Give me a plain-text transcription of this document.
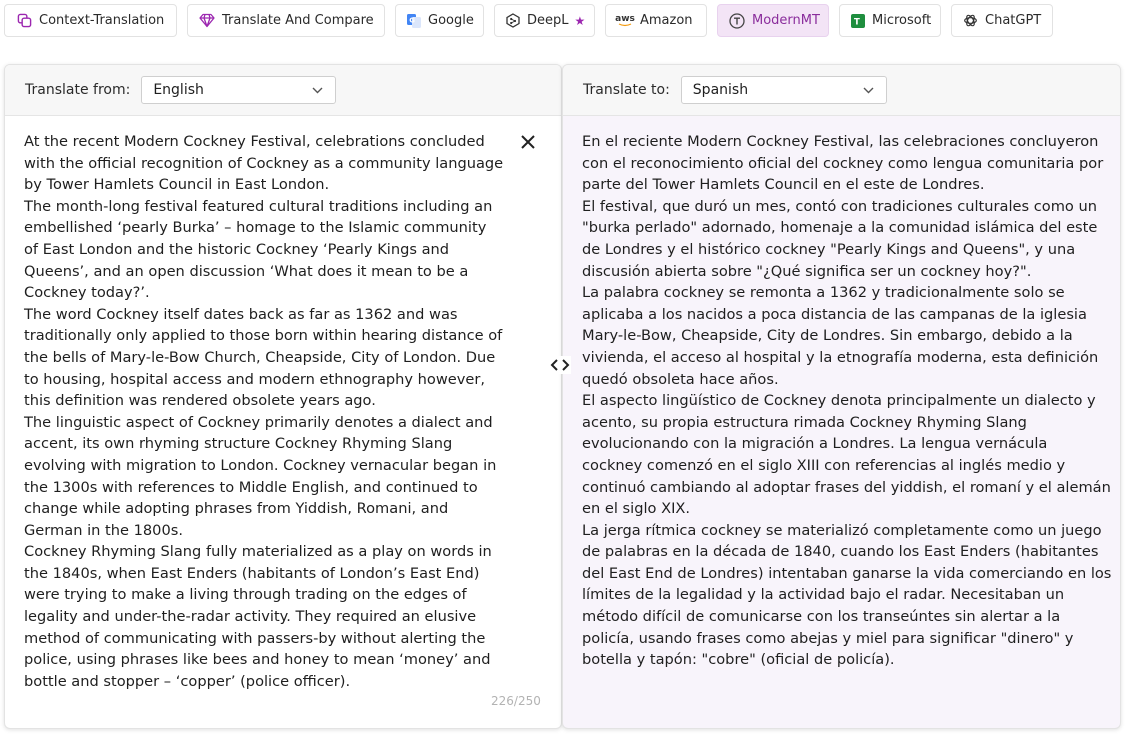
Context-Translation	Translate And Compare	G Google	DeepL ★	aws Amazon	ModernMT	T Microsoft	ChatGPT
Translate from: English
At the recent Modern Cockney Festival, celebrations concluded with the official recognition of Cockney as a community language by Tower Hamlets Council in East London.
The month-long festival featured cultural traditions including an embellished ‘pearly Burka’ – homage to the Islamic community of East London and the historic Cockney ‘Pearly Kings and Queens’, and an open discussion ‘What does it mean to be a Cockney today?’.
The word Cockney itself dates back as far as 1362 and was traditionally only applied to those born within hearing distance of the bells of Mary-le-Bow Church, Cheapside, City of London. Due to housing, hospital access and modern ethnography however, this definition was rendered obsolete years ago.
The linguistic aspect of Cockney primarily denotes a dialect and accent, its own rhyming structure Cockney Rhyming Slang evolving with migration to London. Cockney vernacular began in the 1300s with references to Middle English, and continued to change while adopting phrases from Yiddish, Romani, and German in the 1800s.
Cockney Rhyming Slang fully materialized as a play on words in the 1840s, when East Enders (habitants of London’s East End) were trying to make a living through trading on the edges of legality and under-the-radar activity. They required an elusive method of communicating with passers-by without alerting the police, using phrases like bees and honey to mean ‘money’ and bottle and stopper – ‘copper’ (police officer).
226/250
Translate to: Spanish
En el reciente Modern Cockney Festival, las celebraciones concluyeron con el reconocimiento oficial del cockney como lengua comunitaria por parte del Tower Hamlets Council en el este de Londres.
El festival, que duró un mes, contó con tradiciones culturales como un "burka perlado" adornado, homenaje a la comunidad islámica del este de Londres y el histórico cockney "Pearly Kings and Queens", y una discusión abierta sobre "¿Qué significa ser un cockney hoy?".
La palabra cockney se remonta a 1362 y tradicionalmente solo se aplicaba a los nacidos a poca distancia de las campanas de la iglesia Mary-le-Bow, Cheapside, City de Londres. Sin embargo, debido a la vivienda, el acceso al hospital y la etnografía moderna, esta definición quedó obsoleta hace años.
El aspecto lingüístico de Cockney denota principalmente un dialecto y acento, su propia estructura rimada Cockney Rhyming Slang evolucionando con la migración a Londres. La lengua vernácula cockney comenzó en el siglo XIII con referencias al inglés medio y continuó cambiando al adoptar frases del yiddish, el romaní y el alemán en el siglo XIX.
La jerga rítmica cockney se materializó completamente como un juego de palabras en la década de 1840, cuando los East Enders (habitantes del East End de Londres) intentaban ganarse la vida comerciando en los límites de la legalidad y la actividad bajo el radar. Necesitaban un método difícil de comunicarse con los transeúntes sin alertar a la policía, usando frases como abejas y miel para significar "dinero" y botella y tapón: "cobre" (oficial de policía).
